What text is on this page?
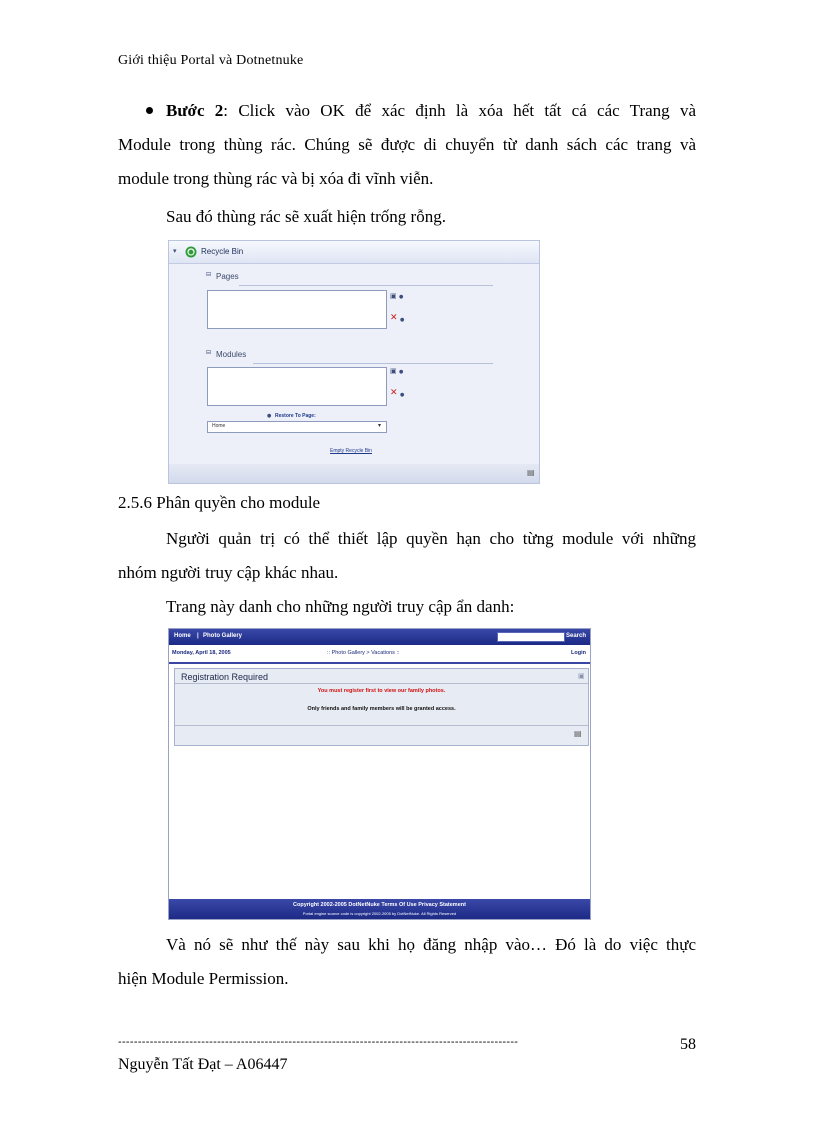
Giới thiệu Portal và Dotnetnuke
Bước 2: Click vào OK để xác định là xóa hết tất cá các Trang và
Module trong thùng rác. Chúng sẽ được di chuyển từ danh sách các trang và
module trong thùng rác và bị xóa đi vĩnh viễn.
Sau đó thùng rác sẽ xuất hiện trống rỗng.
▾	Recycle Bin
⊟ Pages
▣ ●
✕ ●
⊟ Modules
▣ ●
✕ ●
● Restore To Page:
Home	▾
Empty Recycle Bin
▤
2.5.6 Phân quyền cho module
Người quản trị có thể thiết lập quyền hạn cho từng module với những
nhóm người truy cập khác nhau.
Trang này danh cho những người truy cập ẩn danh:
Home | Photo Gallery	Search
Monday, April 18, 2005	:: Photo Gallery > Vacations ::	Login
Registration Required	▣
You must register first to view our family photos.
Only friends and family members will be granted access.
▤
Copyright 2002-2005 DotNetNuke Terms Of Use Privacy Statement
Portal engine source code is copyright 2002-2005 by DotNetNuke. All Rights Reserved
Và nó sẽ như thế này sau khi họ đăng nhập vào… Đó là do việc thực
hiện Module Permission.
-----------------------------------------------------------------------------------------------------	58
Nguyễn Tất Đạt – A06447
